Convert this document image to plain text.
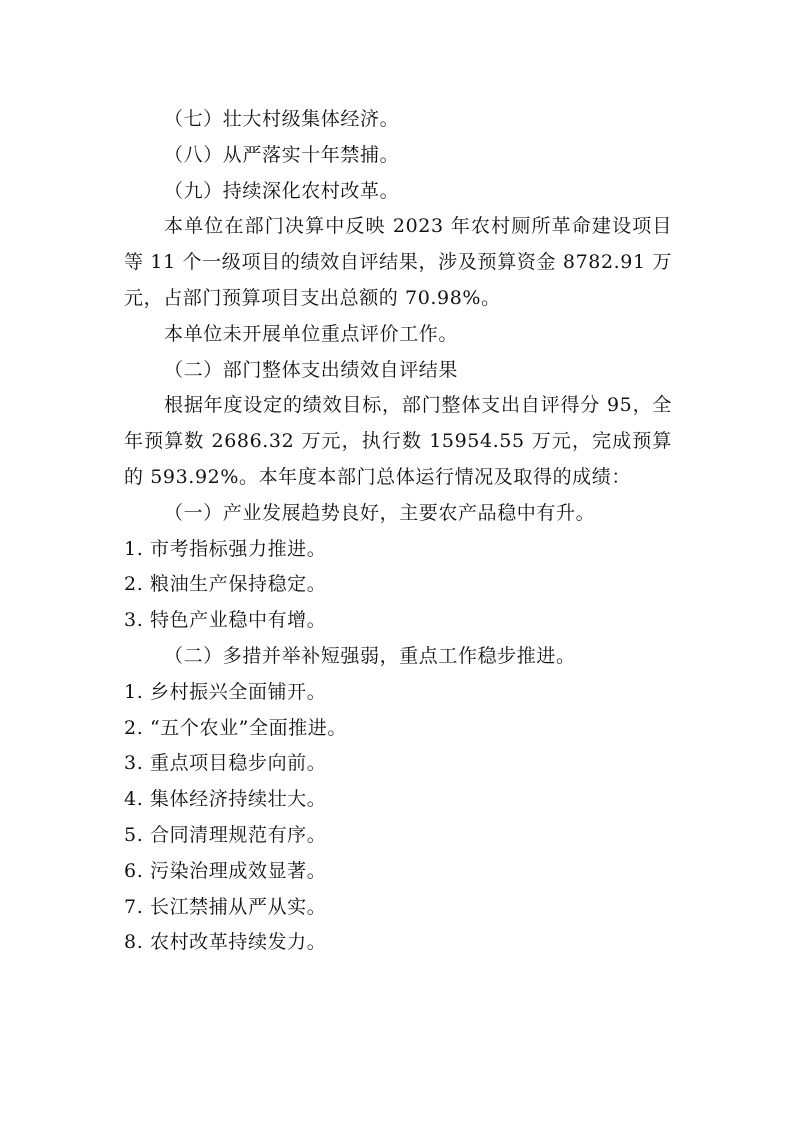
（七）壮大村级集体经济。
（八）从严落实十年禁捕。
（九）持续深化农村改革。
本单位在部门决算中反映 2023 年农村厕所革命建设项目等 11 个一级项目的绩效自评结果，涉及预算资金 8782.91 万元，占部门预算项目支出总额的 70.98%。
本单位未开展单位重点评价工作。
（二）部门整体支出绩效自评结果
根据年度设定的绩效目标，部门整体支出自评得分 95，全年预算数 2686.32 万元，执行数 15954.55 万元，完成预算的 593.92%。本年度本部门总体运行情况及取得的成绩：
（一）产业发展趋势良好，主要农产品稳中有升。
1. 市考指标强力推进。
2. 粮油生产保持稳定。
3. 特色产业稳中有增。
（二）多措并举补短强弱，重点工作稳步推进。
1. 乡村振兴全面铺开。
2. “五个农业”全面推进。
3. 重点项目稳步向前。
4. 集体经济持续壮大。
5. 合同清理规范有序。
6. 污染治理成效显著。
7. 长江禁捕从严从实。
8. 农村改革持续发力。
